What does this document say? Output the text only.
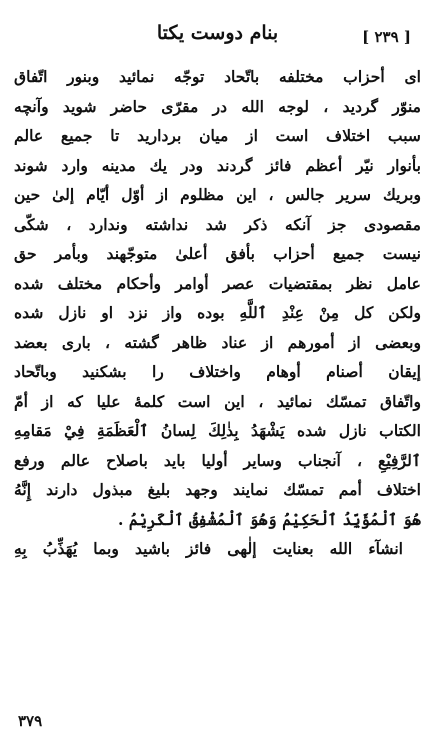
[ ٢٣٩ ]
بنام دوست يكتا
اى أحزاب مختلفه باتّحاد توجّه نمائيد وبنور اتّفاق
منوّر گرديد ، لوجه الله در مقرّى حاضر شويد وآنچه
سبب اختلاف است از ميان برداريد تا جميع عالم
بأنوار نيّر أعظم فائز گردند ودر يك مدينه وارد شوند
وبريك سرير جالس ، اين مظلوم از أوّل أيّام إلىٰ حين
مقصودى جز آنكه ذكر شد نداشته وندارد ، شكّى
نيست جميع أحزاب بأفق أعلىٰ متوجّهند وبأمر حق
عامل نظر بمقتضيات عصر أوامر وأحكام مختلف شده
ولكن كل مِنْ عِنْدِ ٱللَّهِ بوده واز نزد او نازل شده
وبعضى از أمورهم از عناد ظاهر گشته ، بارى بعضد
إيقان أصنام أوهام واختلاف را بشكنيد وباتّحاد
واتّفاق تمسّك نمائيد ، اين است كلمهٔ عليا كه از أمّ
الكتاب نازل شده يَشْهَدُ بِذٰلِكَ لِسانُ ٱلْعَظَمَةِ فِيْ مَقامِهِ
ٱلرَّفِيْعِ ، آنجناب وساير أوليا بايد باصلاح عالم ورفع
اختلاف أمم تمسّك نمايند وجهد بليغ مبذول دارند إِنَّهُ
هُوَ ٱلْمُؤَيِّدُ ٱلْحَكِيْمُ وَهُوَ ٱلْمُشْفِقُ ٱلْكَرِيْمُ .
انشآء الله بعنايت إلٰهى فائز باشيد وبما يُهَذِّبُ بِهِ
٣٧٩
